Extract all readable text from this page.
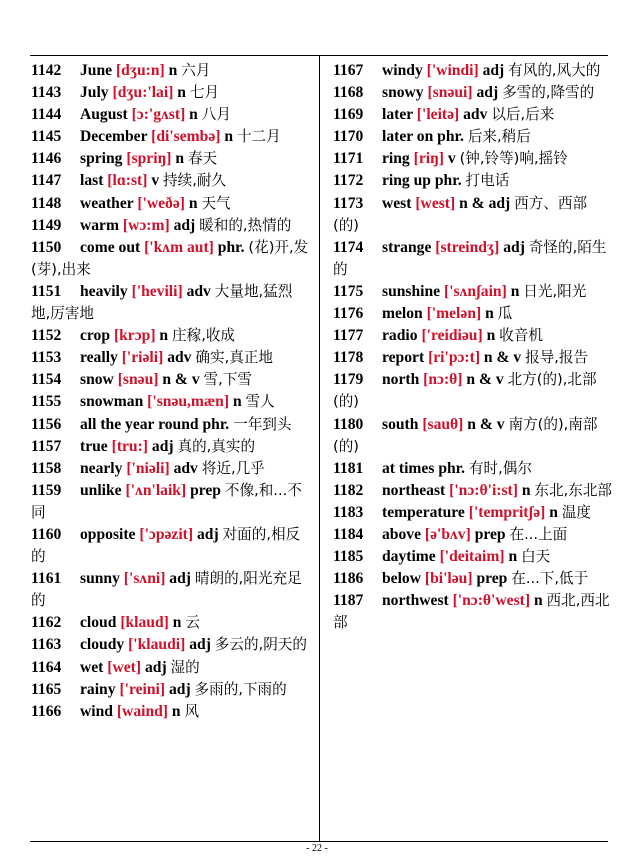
1142 June [dʒu:n] n 六月

1143 July [dʒu:'lai] n 七月

1144 August [ɔ:'gʌst] n 八月

1145 December [di'sembə] n 十二月

1146 spring [spriŋ] n 春天

1147 last [lɑ:st] v 持续,耐久

1148 weather ['weðə] n 天气

1149 warm [wɔ:m] adj 暖和的,热情的

1150 come out ['kʌm aut] phr. (花)开,发(芽),出来

1151 heavily ['hevili] adv 大量地,猛烈地,厉害地

1152 crop [krɔp] n 庄稼,收成

1153 really ['riəli] adv 确实,真正地

1154 snow [snəu] n & v 雪,下雪

1155 snowman ['snəu,mæn] n 雪人

1156 all the year round phr. 一年到头

1157 true [tru:] adj 真的,真实的

1158 nearly ['niəli] adv 将近,几乎

1159 unlike ['ʌn'laik] prep 不像,和...不同

1160 opposite ['ɔpəzit] adj 对面的,相反的

1161 sunny ['sʌni] adj 晴朗的,阳光充足的

1162 cloud [klaud] n 云

1163 cloudy ['klaudi] adj 多云的,阴天的

1164 wet [wet] adj 湿的

1165 rainy ['reini] adj 多雨的,下雨的

1166 wind [waind] n 风

1167 windy ['windi] adj 有风的,风大的

1168 snowy [snəui] adj 多雪的,降雪的

1169 later ['leitə] adv 以后,后来

1170 later on phr. 后来,稍后

1171 ring [riŋ] v (钟,铃等)响,摇铃

1172 ring up phr. 打电话

1173 west [west] n & adj 西方、西部(的)

1174 strange [streindʒ] adj 奇怪的,陌生的

1175 sunshine ['sʌnʃain] n 日光,阳光

1176 melon ['melən] n 瓜

1177 radio ['reidiəu] n 收音机

1178 report [ri'pɔ:t] n & v 报导,报告

1179 north [nɔ:θ] n & v 北方(的),北部(的)

1180 south [sauθ] n & v 南方(的),南部(的)

1181 at times phr. 有时,偶尔

1182 northeast ['nɔ:θ'i:st] n 东北,东北部

1183 temperature ['tempritʃə] n 温度

1184 above [ə'bʌv] prep 在...上面

1185 daytime ['deitaim] n 白天

1186 below [bi'ləu] prep 在...下,低于

1187 northwest ['nɔ:θ'west] n 西北,西北部

- 22 -
